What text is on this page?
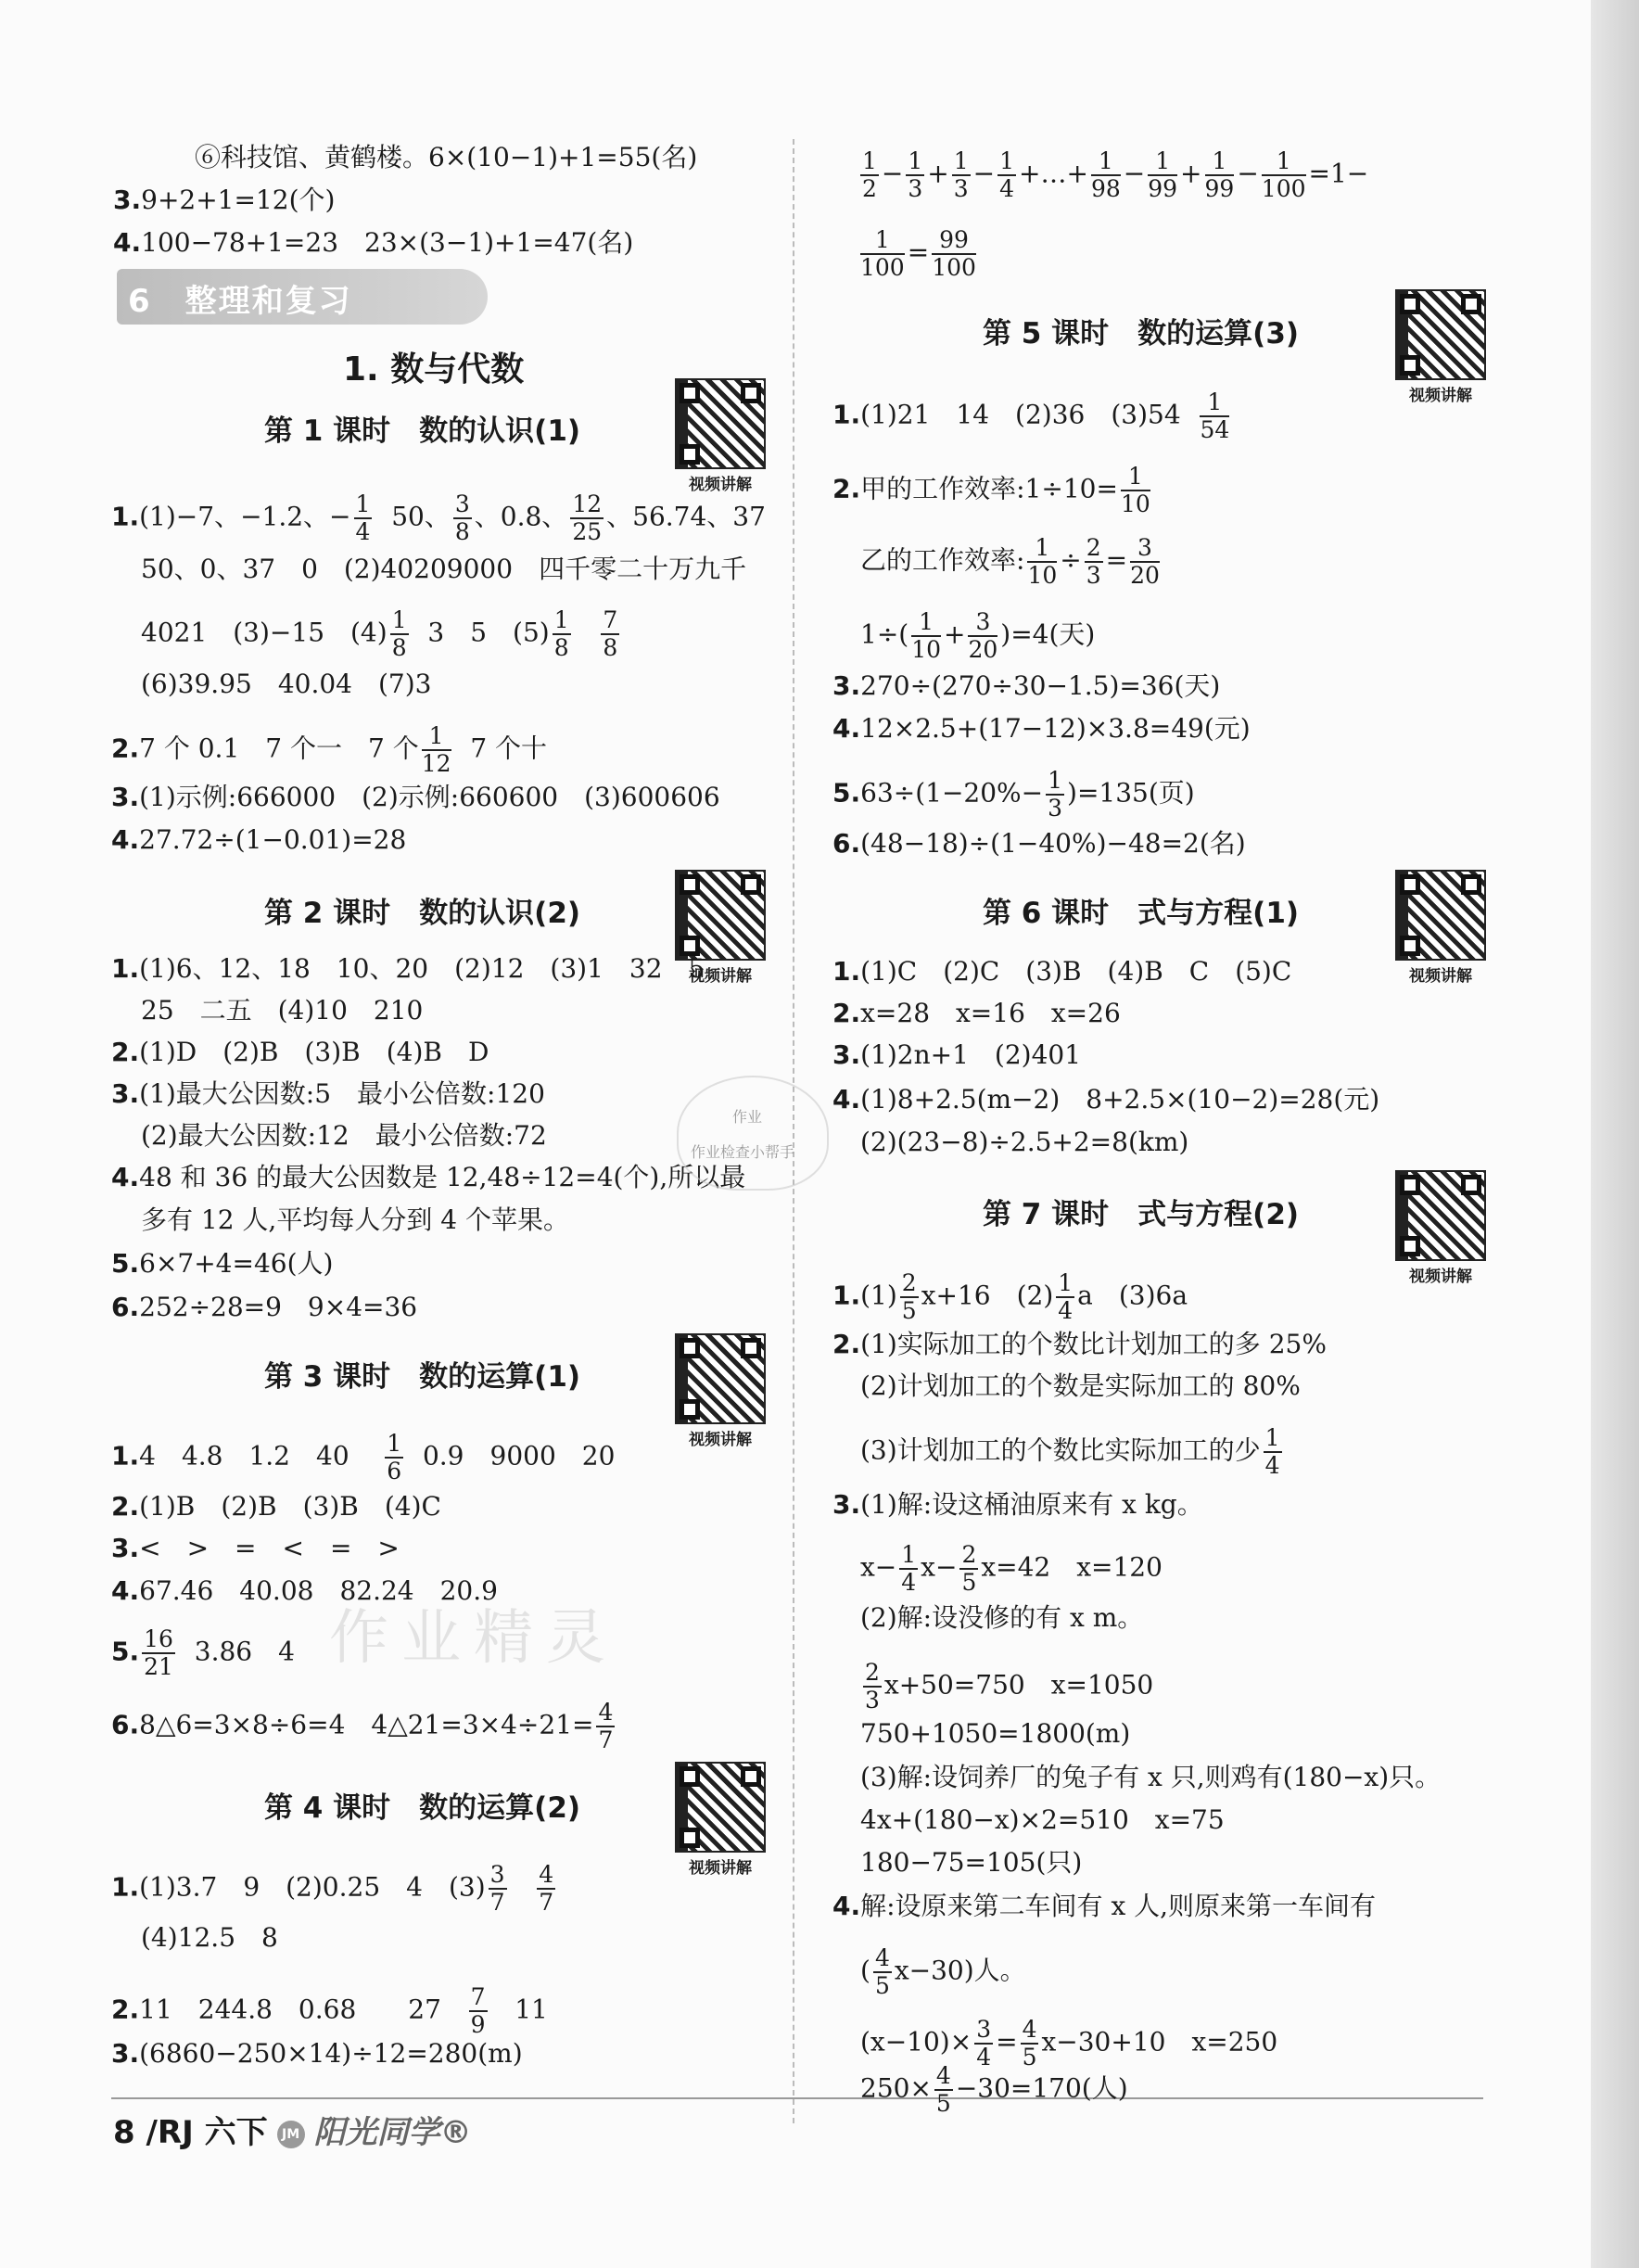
⑥科技馆、黄鹤楼。6×(10−1)+1=55(名)
3.9+2+1=12(个)
4.100−78+1=23　23×(3−1)+1=47(名)
6　整理和复习
1. 数与代数
第 1 课时　数的认识(1)
视频讲解
1.(1)−7、−1.2、− $\frac{1}{4} 50$、 $\frac{3}{8}$ 、0.8、 $\frac{12}{25}$ 、56.74、37
50、0、37　0　(2)40209000　四千零二十万九千
4021　(3)−15　$(4) \frac{1}{8} 3$　5　$(5) \frac{1}{8}$
$\frac{7}{8}$
(6)39.95　40.04　(7)3
2.7 个 0.1　7 个一　7 个 $\frac{1}{12} 7$ 个十
3.(1)示例:666000　(2)示例:660600　(3)600606
4.27.72÷(1−0.01)=28
第 2 课时　数的认识(2)
视频讲解
1.(1)6、12、18　10、20　(2)12　(3)1　32　5
25　二五　(4)10　210
2.(1)D　(2)B　(3)B　(4)B　D
3.(1)最大公因数:5　最小公倍数:120
(2)最大公因数:12　最小公倍数:72
4.48 和 36 的最大公因数是 12,48÷12=4(个),所以最
多有 12 人,平均每人分到 4 个苹果。
5.6×7+4=46(人)
6.252÷28=9　9×4=36
第 3 课时　数的运算(1)
视频讲解
1.4　4.8　1.2　$40 \frac{1}{6} 0.9$　9000　20
2.(1)B　(2)B　(3)B　(4)C
3.<　>　=　<　=　>
4.67.46　40.08　82.24　20.9
5. $\frac{16}{21} 3.86$　4
6.8△6=3×8÷6=4　4△21=3×4÷21= $\frac{4}{7}$
第 4 课时　数的运算(2)
视频讲解
1.(1)3.7　9　(2)0.25　4　$(3) \frac{3}{7}$
$\frac{4}{7}$
(4)12.5　8
2.11　244.8　0.68　　$27 \frac{7}{9} 11$
3.(6860−250×14)÷12=280(m)
8 /RJ 六下 JM 阳光同学®
$\frac{1}{2} - \frac{1}{3} + \frac{1}{3} - \frac{1}{4}$ +…+ $\frac{1}{98} - \frac{1}{99} + \frac{1}{99} - \frac{1}{100} =1-$
$\frac{1}{100} = \frac{99}{100}$
第 5 课时　数的运算(3)
视频讲解
1.(1)21　14　(2)36　$(3)54 \frac{1}{54}$
2.甲的工作效率:1÷10= $\frac{1}{10}$
乙的工作效率: $\frac{1}{10} \div \frac{2}{3} = \frac{3}{20}$
$1\div( \frac{1}{10} + \frac{3}{20} )=4$(天)
3.270÷(270÷30−1.5)=36(天)
4.12×2.5+(17−12)×3.8=49(元)
$5.63\div(1-20\%- \frac{1}{3} )=135$(页)
6.(48−18)÷(1−40%)−48=2(名)
第 6 课时　式与方程(1)
视频讲解
1.(1)C　(2)C　(3)B　(4)B　C　(5)C
2.x=28　x=16　x=26
3.(1)2n+1　(2)401
4.(1)8+2.5(m−2)　8+2.5×(10−2)=28(元)
(2)(23−8)÷2.5+2=8(km)
第 7 课时　式与方程(2)
视频讲解
$1.(1) \frac{2}{5} x+16$　$(2) \frac{1}{4}$ a　(3)6a
2.(1)实际加工的个数比计划加工的多 25%
(2)计划加工的个数是实际加工的 80%
(3)计划加工的个数比实际加工的少 $\frac{1}{4}$
3.(1)解:设这桶油原来有 x kg。
$x- \frac{1}{4} x- \frac{2}{5} x=42$　x=120
(2)解:设没修的有 x m。
$\frac{2}{3} x+50=750$　x=1050
750+1050=1800(m)
(3)解:设饲养厂的兔子有 x 只,则鸡有(180−x)只。
4x+(180−x)×2=510　x=75
180−75=105(只)
4.解:设原来第二车间有 x 人,则原来第一车间有
( $\frac{4}{5} x-30$)人。
$(x-10)\times \frac{3}{4} = \frac{4}{5} x-30+10$　x=250
$250\times \frac{4}{5} -30=170$(人)
作业精灵
作业检查小帮手
作业
